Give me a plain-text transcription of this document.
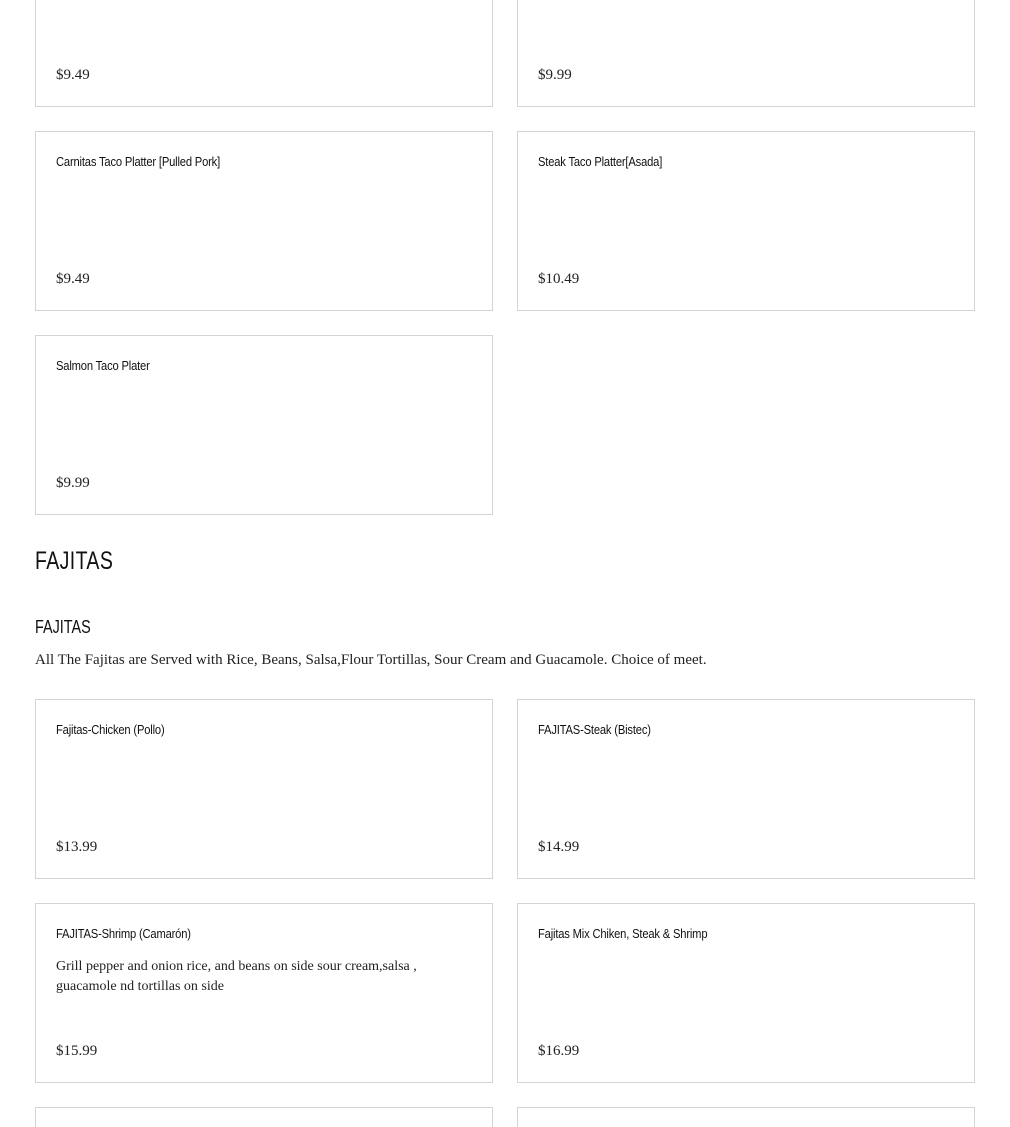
$9.49	$9.99
Carnitas Taco Platter [Pulled Pork]
$9.49
Steak Taco Platter[Asada]
$10.49
Salmon Taco Plater
$9.99
FAJITAS
FAJITAS

All The Fajitas are Served with Rice, Beans, Salsa,Flour Tortillas, Sour Cream and Guacamole. Choice of meet.

Fajitas-Chicken (Pollo)
$13.99
FAJITAS-Steak (Bistec)
$14.99
FAJITAS-Shrimp (Camarón)
Grill pepper and onion rice, and beans on side sour cream,salsa , guacamole nd tortillas on side
$15.99
Fajitas Mix Chiken, Steak & Shrimp
$16.99
